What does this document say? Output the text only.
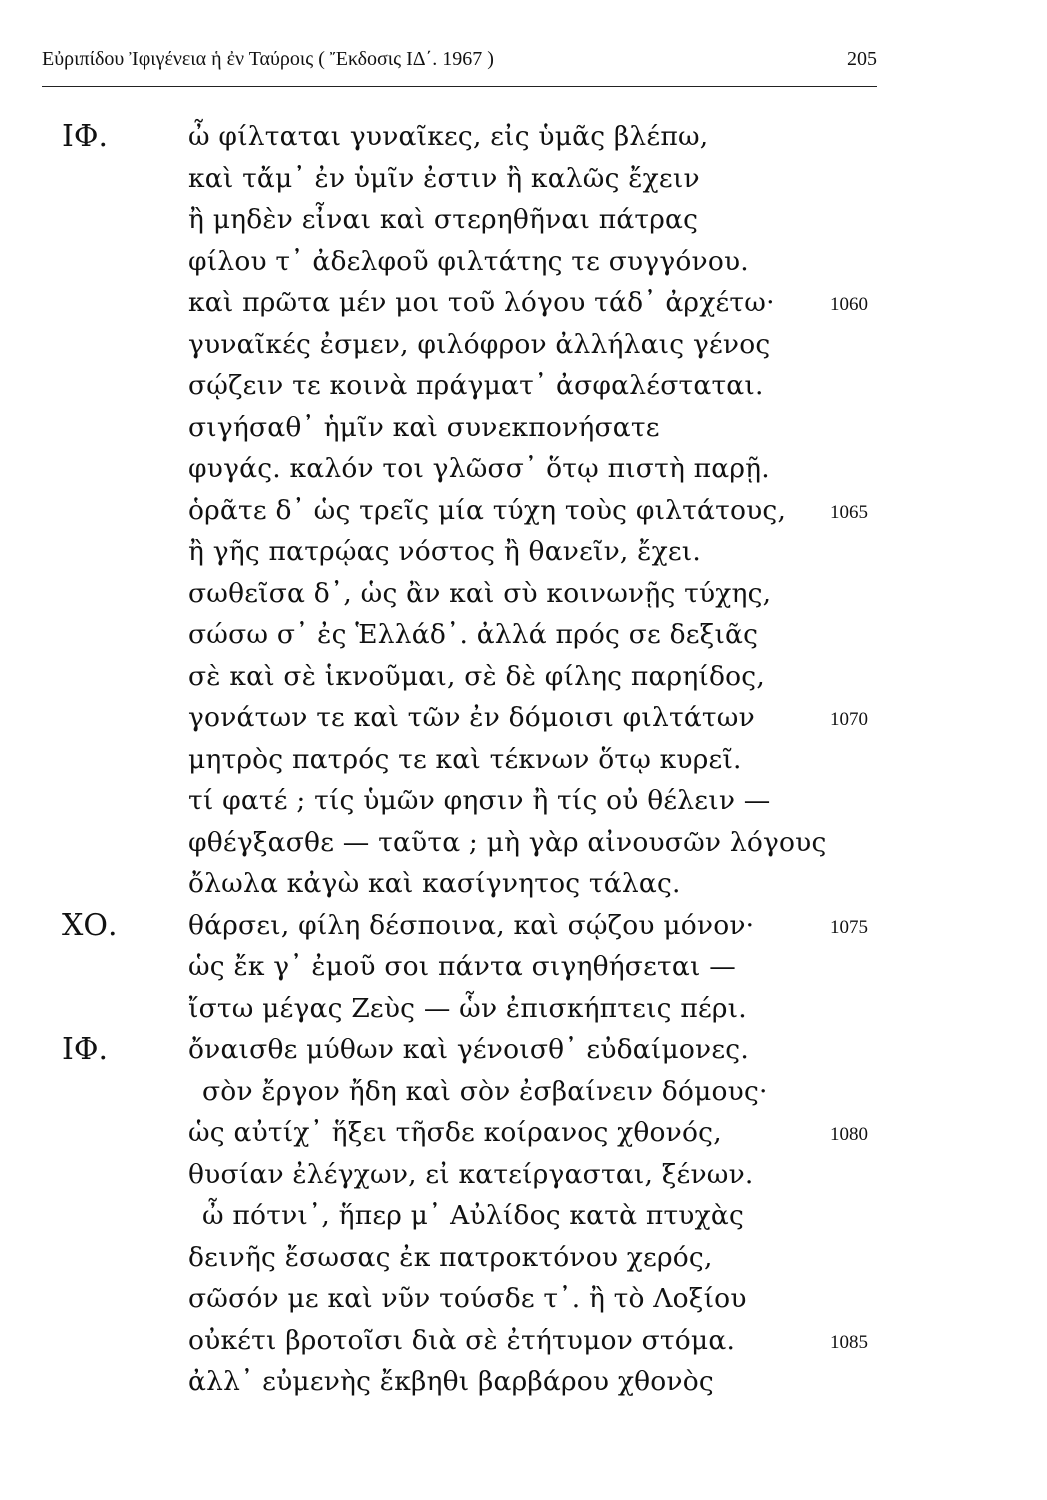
Εὐριπίδου Ἰφιγένεια ἡ ἐν Ταύροις ( Ἔκδοσις ΙΔ΄. 1967 )	205
ΙΦ.	ὦ φίλταται γυναῖκες, εἰς ὑμᾶς βλέπω,
καὶ τἄμ᾽ ἐν ὑμῖν ἐστιν ἢ καλῶς ἔχειν
ἢ μηδὲν εἶναι καὶ στερηθῆναι πάτρας
φίλου τ᾽ ἀδελφοῦ φιλτάτης τε συγγόνου.
καὶ πρῶτα μέν μοι τοῦ λόγου τάδ᾽ ἀρχέτω·	1060
γυναῖκές ἐσμεν, φιλόφρον ἀλλήλαις γένος
σῴζειν τε κοινὰ πράγματ᾽ ἀσφαλέσταται.
σιγήσαθ᾽ ἡμῖν καὶ συνεκπονήσατε
φυγάς. καλόν τοι γλῶσσ᾽ ὅτῳ πιστὴ παρῇ.
ὁρᾶτε δ᾽ ὡς τρεῖς μία τύχη τοὺς φιλτάτους, 1065
ἢ γῆς πατρῴας νόστος ἢ θανεῖν, ἔχει.
σωθεῖσα δ᾽, ὡς ἂν καὶ σὺ κοινωνῇς τύχης,
σώσω σ᾽ ἐς Ἑλλάδ᾽. ἀλλά πρός σε δεξιᾶς
σὲ καὶ σὲ ἱκνοῦμαι, σὲ δὲ φίλης παρηίδος,
γονάτων τε καὶ τῶν ἐν δόμοισι φιλτάτων	1070
μητρὸς πατρός τε καὶ τέκνων ὅτῳ κυρεῖ.
τί φατέ ; τίς ὑμῶν φησιν ἢ τίς οὐ θέλειν —
φθέγξασθε — ταῦτα ; μὴ γὰρ αἰνουσῶν λόγους
ὄλωλα κἀγὼ καὶ κασίγνητος τάλας.
ΧΟ.	θάρσει, φίλη δέσποινα, καὶ σῴζου μόνον·	1075
ὡς ἔκ γ᾽ ἐμοῦ σοι πάντα σιγηθήσεται —
ἴστω μέγας Ζεὺς — ὧν ἐπισκήπτεις πέρι.
ΙΦ.	ὄναισθε μύθων καὶ γένοισθ᾽ εὐδαίμονες.
σὸν ἔργον ἤδη καὶ σὸν ἐσβαίνειν δόμους·
ὡς αὐτίχ᾽ ἥξει τῆσδε κοίρανος χθονός,	1080
θυσίαν ἐλέγχων, εἰ κατείργασται, ξένων.
ὦ πότνι᾽, ἥπερ μ᾽ Αὐλίδος κατὰ πτυχὰς
δεινῆς ἔσωσας ἐκ πατροκτόνου χερός,
σῶσόν με καὶ νῦν τούσδε τ᾽. ἢ τὸ Λοξίου
οὐκέτι βροτοῖσι διὰ σὲ ἐτήτυμον στόμα.	1085
ἀλλ᾽ εὐμενὴς ἔκβηθι βαρβάρου χθονὸς
